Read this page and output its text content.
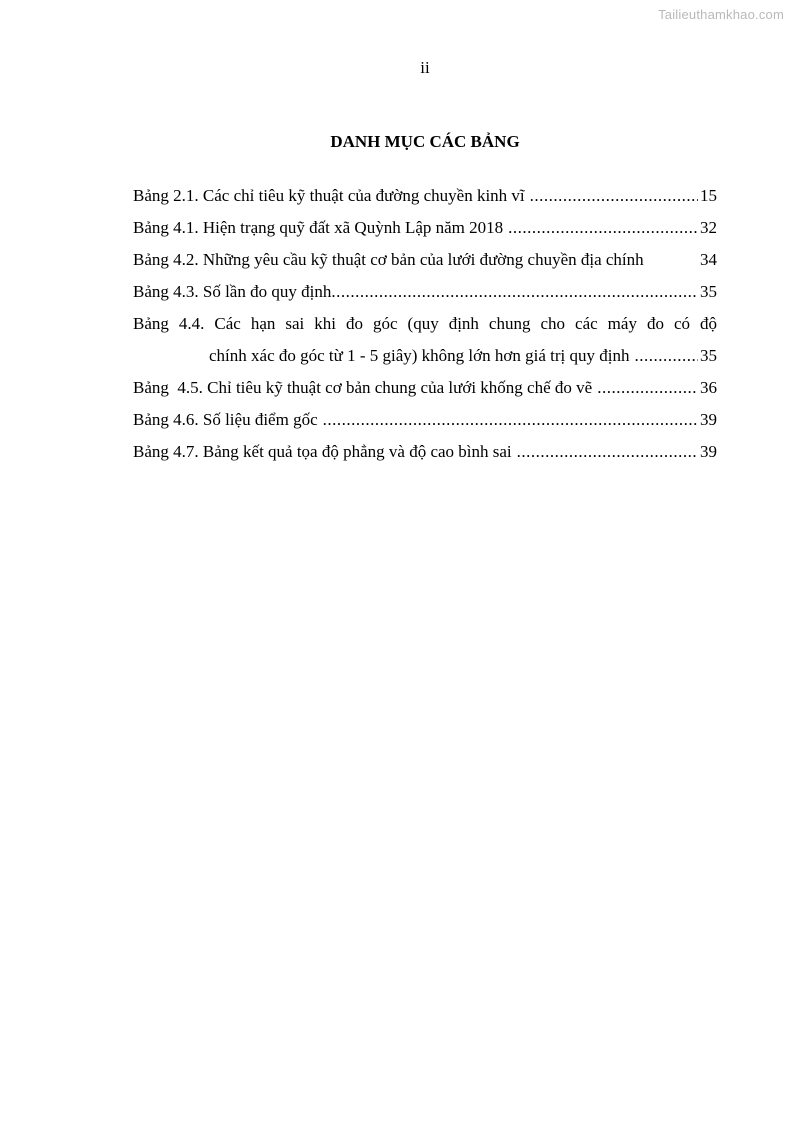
Tailieuthamkhao.com
ii
DANH MỤC CÁC BẢNG
Bảng 2.1. Các chỉ tiêu kỹ thuật của đường chuyền kinh vĩ .....	15
Bảng 4.1. Hiện trạng quỹ đất xã Quỳnh Lập năm 2018 .....	32
Bảng 4.2. Những yêu cầu kỹ thuật cơ bản của lưới đường chuyền địa chính	34
Bảng 4.3. Số lần đo quy định .....	35
Bảng 4.4. Các hạn sai khi đo góc (quy định chung cho các máy đo có độ
chính xác đo góc từ 1 - 5 giây) không lớn hơn giá trị quy định .....	35
Bảng  4.5. Chỉ tiêu kỹ thuật cơ bản chung của lưới khống chế đo vẽ .....	36
Bảng 4.6. Số liệu điểm gốc .....	39
Bảng 4.7. Bảng kết quả tọa độ phẳng và độ cao bình sai .....	39
